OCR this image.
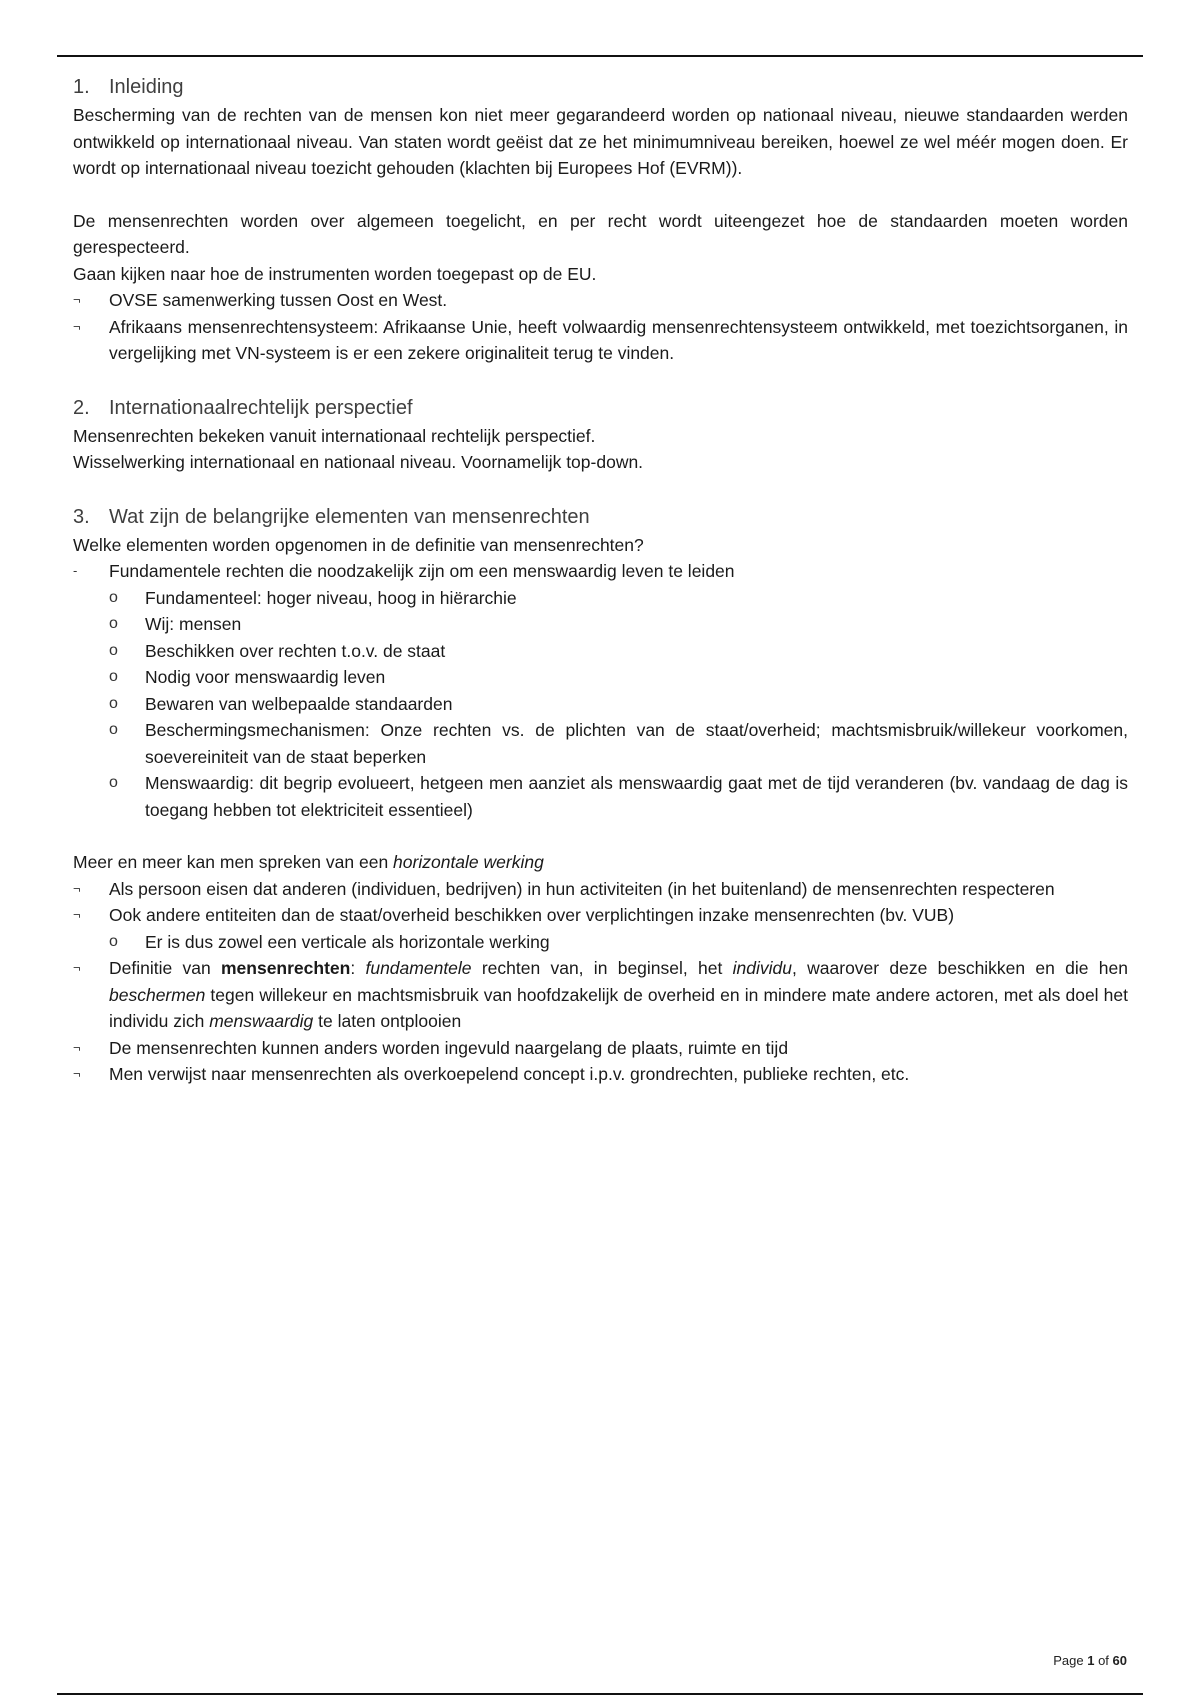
1. Inleiding

Bescherming van de rechten van de mensen kon niet meer gegarandeerd worden op nationaal niveau, nieuwe standaarden werden ontwikkeld op internationaal niveau. Van staten wordt geëist dat ze het minimumniveau bereiken, hoewel ze wel méér mogen doen. Er wordt op internationaal niveau toezicht gehouden (klachten bij Europees Hof (EVRM)).

De mensenrechten worden over algemeen toegelicht, en per recht wordt uiteengezet hoe de standaarden moeten worden gerespecteerd.

Gaan kijken naar hoe de instrumenten worden toegepast op de EU.

¬	OVSE samenwerking tussen Oost en West.
¬	Afrikaans mensenrechtensysteem: Afrikaanse Unie, heeft volwaardig mensenrechtensysteem ontwikkeld, met toezichtsorganen, in vergelijking met VN-systeem is er een zekere originaliteit terug te vinden.
2. Internationaalrechtelijk perspectief

Mensenrechten bekeken vanuit internationaal rechtelijk perspectief.

Wisselwerking internationaal en nationaal niveau. Voornamelijk top-down.

3. Wat zijn de belangrijke elementen van mensenrechten

Welke elementen worden opgenomen in de definitie van mensenrechten?

-	Fundamentele rechten die noodzakelijk zijn om een menswaardig leven te leiden
o Fundamenteel: hoger niveau, hoog in hiërarchie
o Wij: mensen
o Beschikken over rechten t.o.v. de staat
o Nodig voor menswaardig leven
o Bewaren van welbepaalde standaarden
o Beschermingsmechanismen: Onze rechten vs. de plichten van de staat/overheid; machtsmisbruik/willekeur voorkomen, soevereiniteit van de staat beperken
o Menswaardig: dit begrip evolueert, hetgeen men aanziet als menswaardig gaat met de tijd veranderen (bv. vandaag de dag is toegang hebben tot elektriciteit essentieel)

Meer en meer kan men spreken van een horizontale werking

¬	Als persoon eisen dat anderen (individuen, bedrijven) in hun activiteiten (in het buitenland) de mensenrechten respecteren
¬	Ook andere entiteiten dan de staat/overheid beschikken over verplichtingen inzake mensenrechten (bv. VUB)
o Er is dus zowel een verticale als horizontale werking
¬	Definitie van mensenrechten: fundamentele rechten van, in beginsel, het individu, waarover deze beschikken en die hen beschermen tegen willekeur en machtsmisbruik van hoofdzakelijk de overheid en in mindere mate andere actoren, met als doel het individu zich menswaardig te laten ontplooien
¬	De mensenrechten kunnen anders worden ingevuld naargelang de plaats, ruimte en tijd
¬	Men verwijst naar mensenrechten als overkoepelend concept i.p.v. grondrechten, publieke rechten, etc.
Page 1 of 60
